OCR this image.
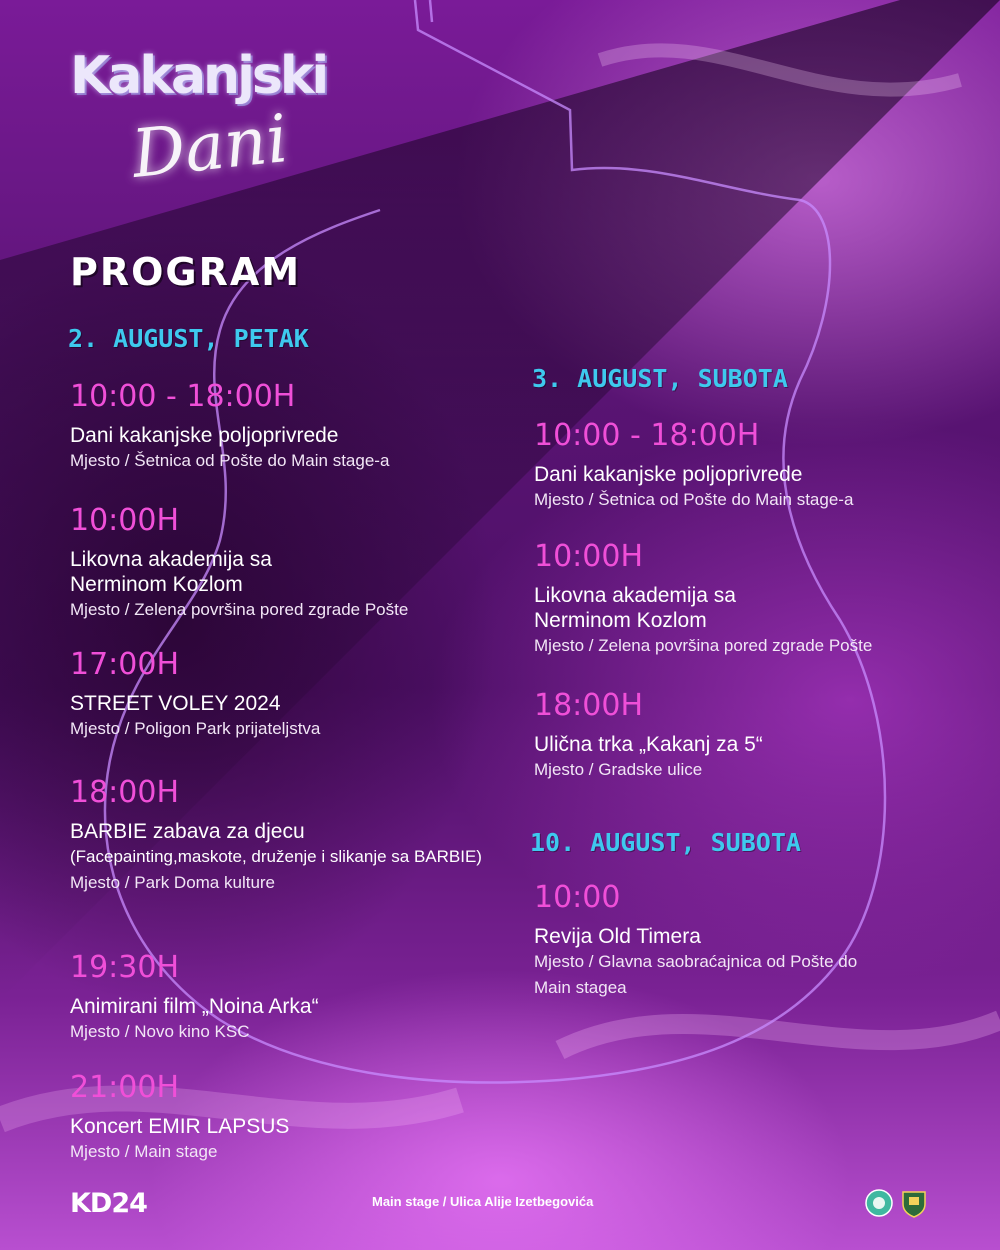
Kakanjski
Dani
PROGRAM
2. AUGUST, PETAK
10:00 - 18:00H
Dani kakanjske poljoprivrede
Mjesto / Šetnica od Pošte do Main stage-a
10:00H
Likovna akademija sa
Nerminom Kozlom
Mjesto / Zelena površina pored zgrade Pošte
17:00H
STREET VOLEY 2024
Mjesto / Poligon Park prijateljstva
18:00H
BARBIE zabava za djecu
(Facepainting,maskote, druženje i slikanje sa BARBIE)
Mjesto / Park Doma kulture
19:30H
Animirani film „Noina Arka“
Mjesto / Novo kino KSC
21:00H
Koncert EMIR LAPSUS
Mjesto / Main stage
3. AUGUST, SUBOTA
10:00 - 18:00H
Dani kakanjske poljoprivrede
Mjesto / Šetnica od Pošte do Main stage-a
10:00H
Likovna akademija sa
Nerminom Kozlom
Mjesto / Zelena površina pored zgrade Pošte
18:00H
Ulična trka „Kakanj za 5“
Mjesto / Gradske ulice
10. AUGUST, SUBOTA
10:00
Revija Old Timera
Mjesto / Glavna saobraćajnica od Pošte do
Main stagea
KD24	Main stage / Ulica Alije Izetbegovića
